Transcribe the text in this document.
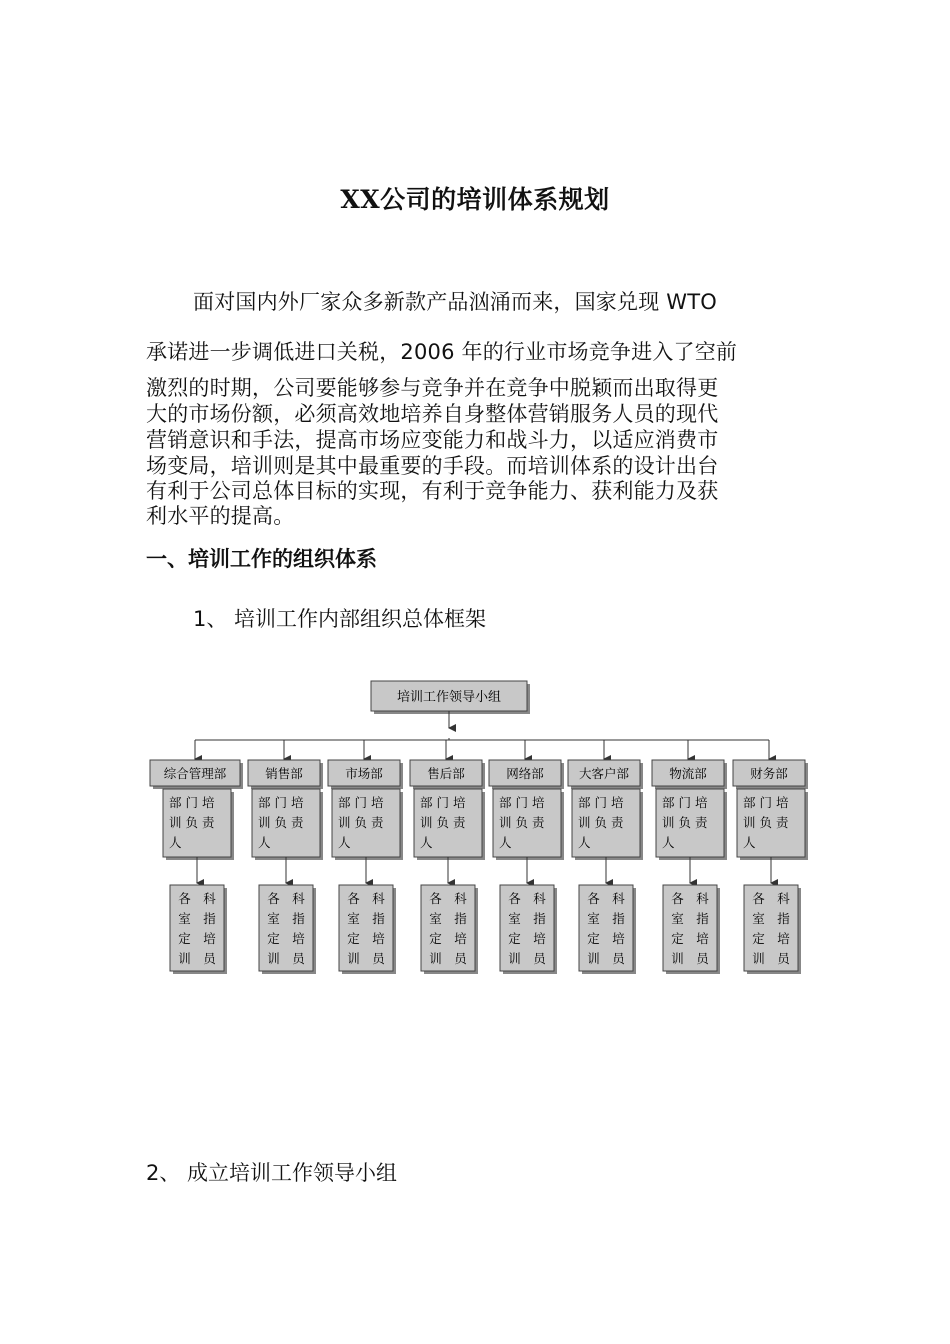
XX公司的培训体系规划
面对国内外厂家众多新款产品汹涌而来，国家兑现 WTO
承诺进一步调低进口关税，2006 年的行业市场竞争进入了空前
激烈的时期，公司要能够参与竞争并在竞争中脱颖而出取得更
大的市场份额，必须高效地培养自身整体营销服务人员的现代
营销意识和手法，提高市场应变能力和战斗力，以适应消费市
场变局，培训则是其中最重要的手段。而培训体系的设计出台
有利于公司总体目标的实现，有利于竞争能力、获利能力及获
利水平的提高。
一、培训工作的组织体系
1、 培训工作内部组织总体框架
培训工作领导小组
综合管理部
部 门 培
训 负 责
人
各　科
室　指
定　培
训　员
销售部
部 门 培
训 负 责
人
各　科
室　指
定　培
训　员
市场部
部 门 培
训 负 责
人
各　科
室　指
定　培
训　员
售后部
部 门 培
训 负 责
人
各　科
室　指
定　培
训　员
网络部
部 门 培
训 负 责
人
各　科
室　指
定　培
训　员
大客户部
部 门 培
训 负 责
人
各　科
室　指
定　培
训　员
物流部
部 门 培
训 负 责
人
各　科
室　指
定　培
训　员
财务部
部 门 培
训 负 责
人
各　科
室　指
定　培
训　员
2、 成立培训工作领导小组
